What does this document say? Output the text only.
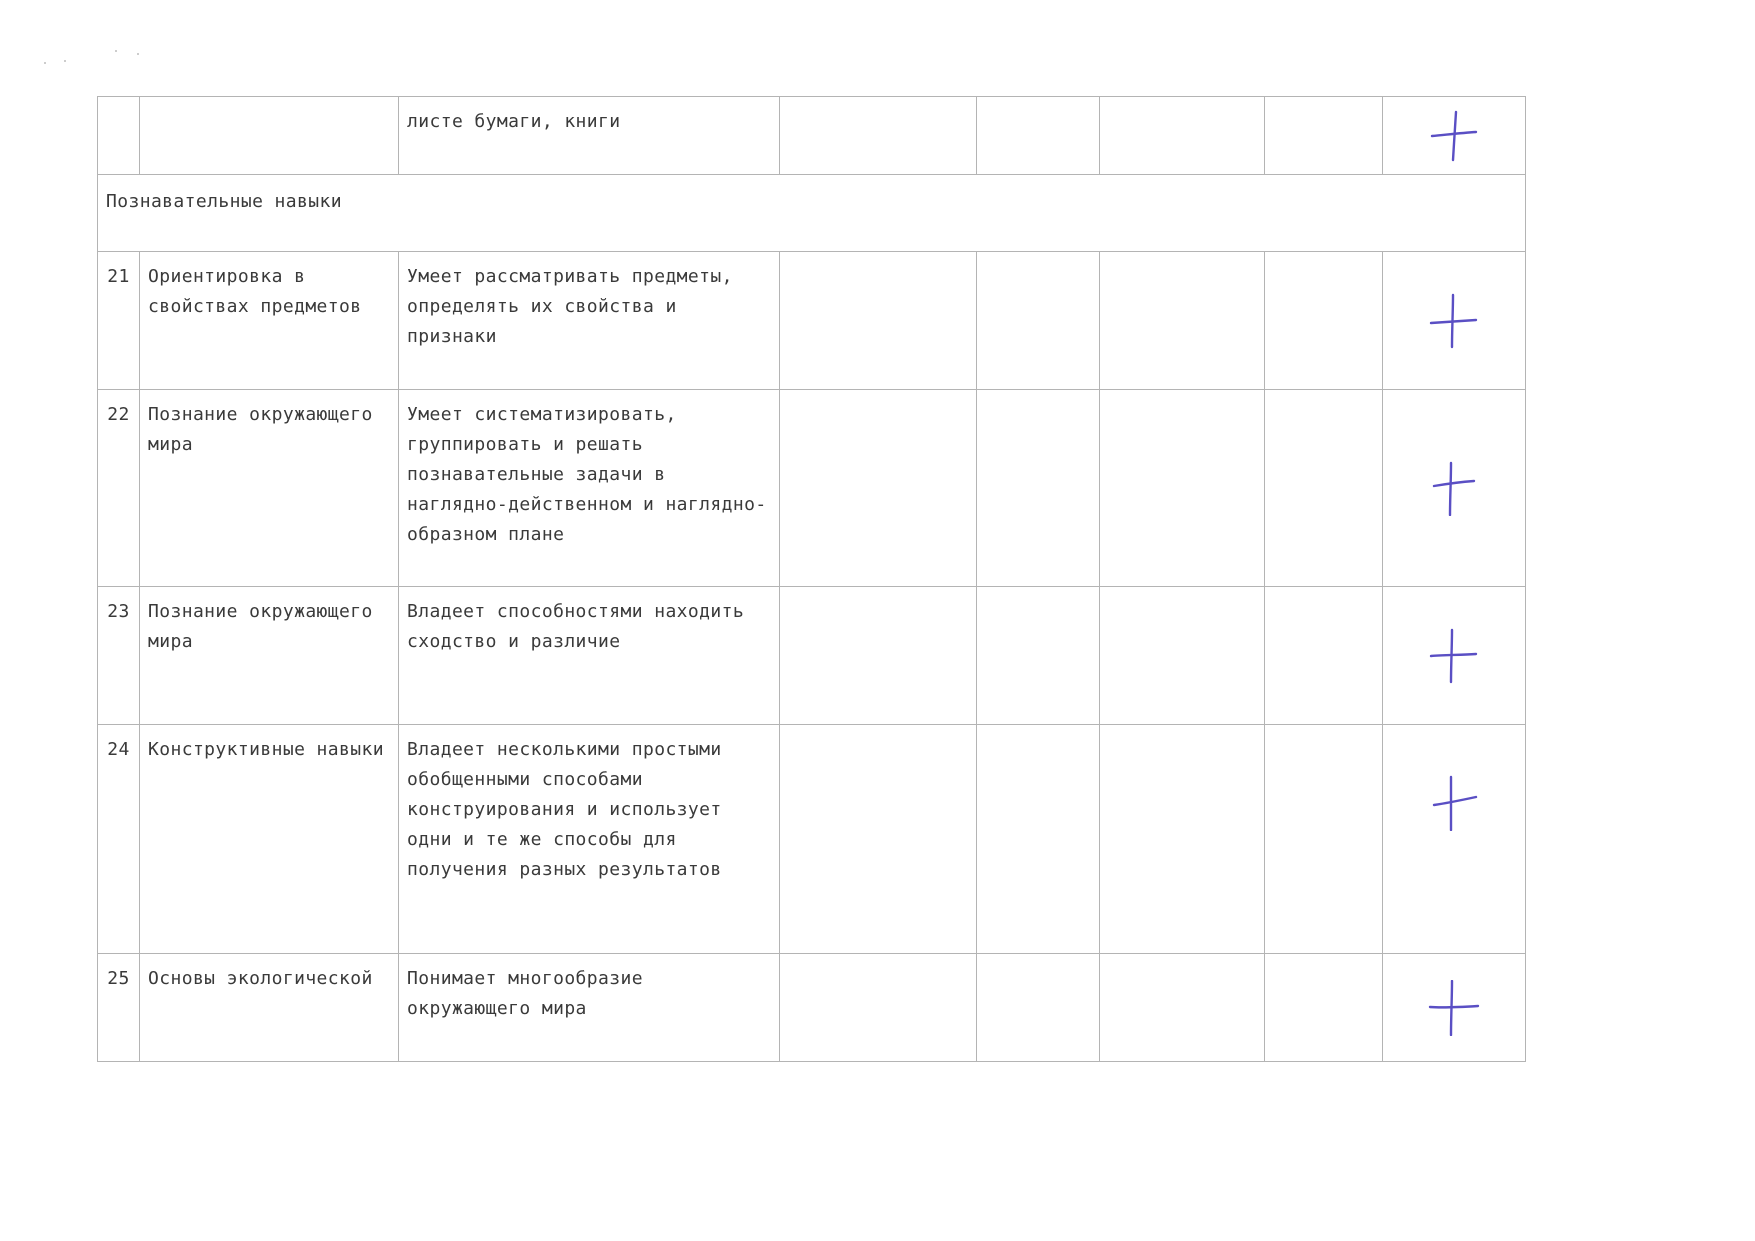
		листе бумаги, книги

Познавательные навыки							
21	Ориентировка в свойствах предметов	Умеет рассматривать предметы, определять их свойства и признаки

22	Познание окружающего мира	Умеет систематизировать, группировать и решать познавательные задачи в наглядно-действенном и наглядно-образном плане

23	Познание окружающего мира	Владеет способностями находить сходство и различие

24	Конструктивные навыки	Владеет несколькими простыми обобщенными способами конструирования и использует одни и те же способы для получения разных результатов

25	Основы экологической	Понимает многообразие окружающего мира
